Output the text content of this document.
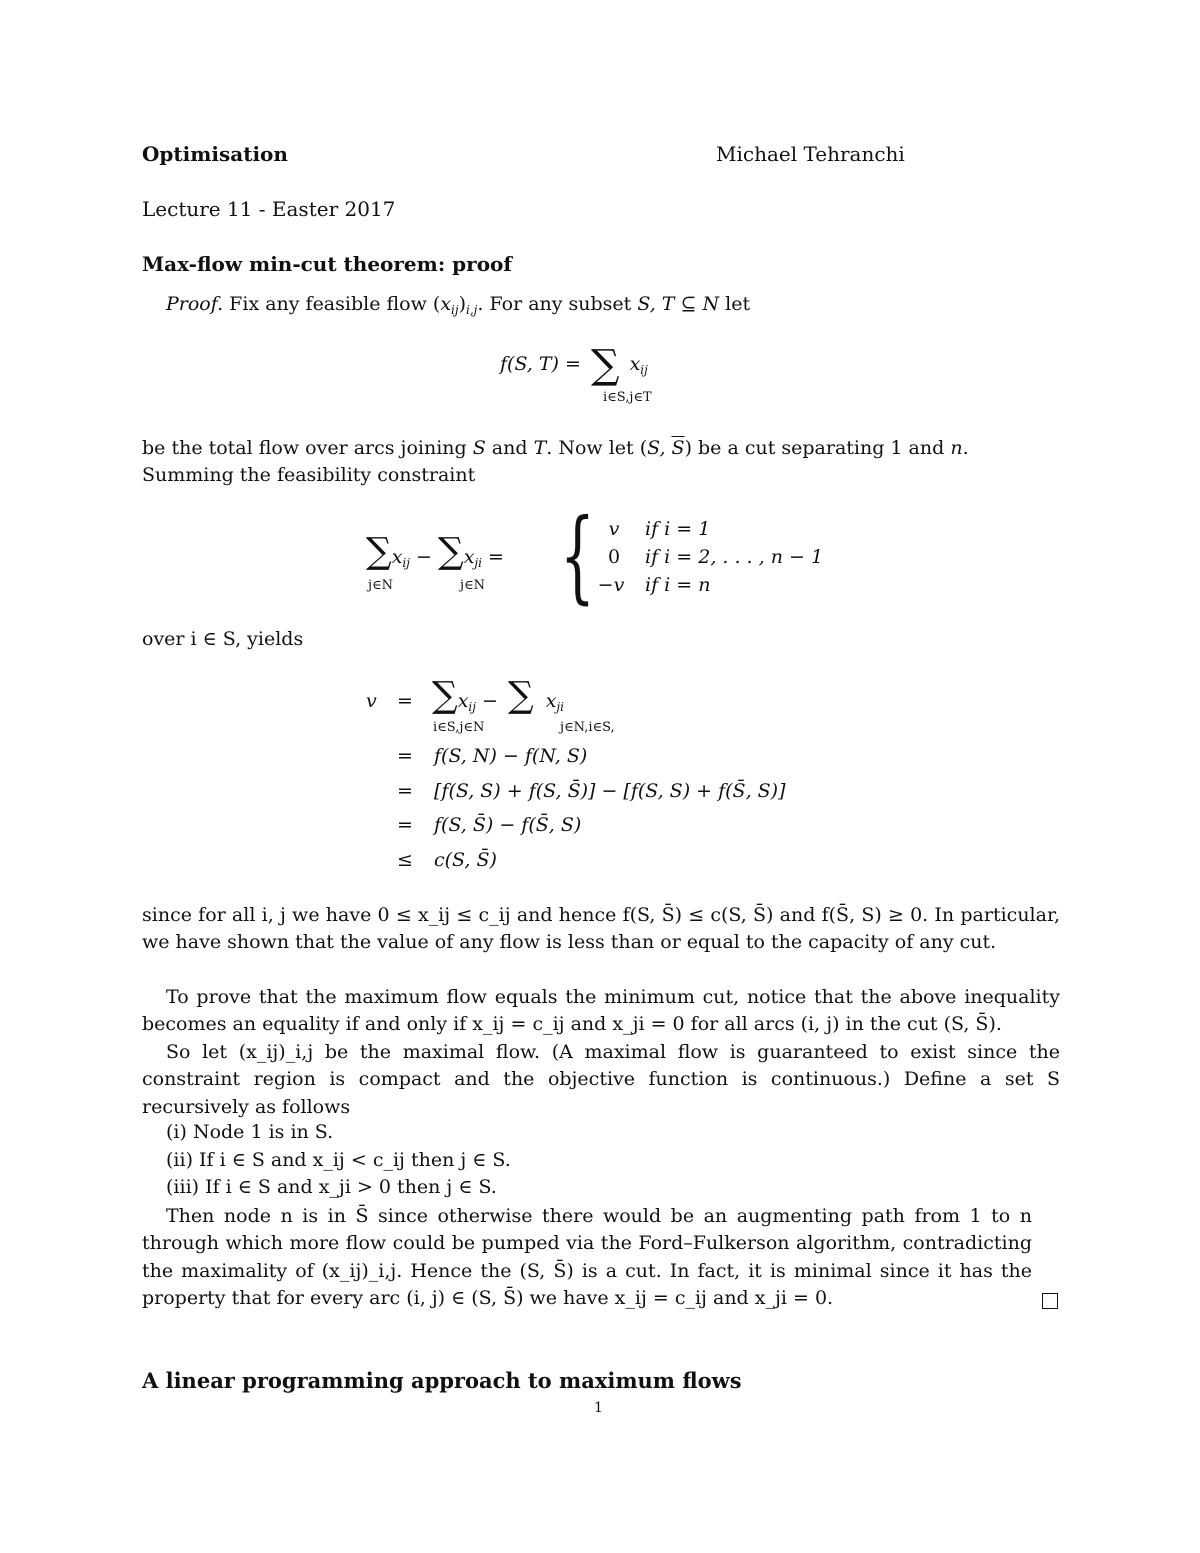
Optimisation	Michael Tehranchi
Lecture 11 - Easter 2017
Max-flow min-cut theorem: proof
Proof. Fix any feasible flow $(x_{ij})_{i,j}$. For any subset S, T ⊆ N let
f(S, T) = ∑ $x_{ij}$
i∈S,j∈T
be the total flow over arcs joining S and T. Now let (S, $\overline{S}$) be a cut separating 1 and n.
Summing the feasibility constraint
$\sum x_{ij} - \sum x_{ji}$ =
j∈N	j∈N { v	if i = 1
0	if i = 2, . . . , n − 1
−v if i = n
over i ∈ S, yields
$v = \sum x_{ij}$ − ∑ $x_{ji}$
i∈S,j∈N	j∈N,i∈S,
= f(S, N) − f(N, S)
= [f(S, S) + f(S, S̄)] − [f(S, S) + f(S̄, S)]
= f(S, S̄) − f(S̄, S)
≤ c(S, S̄)
since for all i, j we have 0 ≤ x_ij ≤ c_ij and hence f(S, S̄) ≤ c(S, S̄) and f(S̄, S) ≥ 0. In particular, we have shown that the value of any flow is less than or equal to the capacity of any cut.
To prove that the maximum flow equals the minimum cut, notice that the above inequality becomes an equality if and only if x_ij = c_ij and x_ji = 0 for all arcs (i, j) in the cut (S, S̄).
So let (x_ij)_i,j be the maximal flow. (A maximal flow is guaranteed to exist since the constraint region is compact and the objective function is continuous.) Define a set S recursively as follows
(i) Node 1 is in S.
(ii) If i ∈ S and x_ij < c_ij then j ∈ S.
(iii) If i ∈ S and x_ji > 0 then j ∈ S.
Then node n is in S̄ since otherwise there would be an augmenting path from 1 to n through which more flow could be pumped via the Ford–Fulkerson algorithm, contradicting the maximality of (x_ij)_i,j. Hence the (S, S̄) is a cut. In fact, it is minimal since it has the property that for every arc (i, j) ∈ (S, S̄) we have x_ij = c_ij and x_ji = 0.
A linear programming approach to maximum flows
1
